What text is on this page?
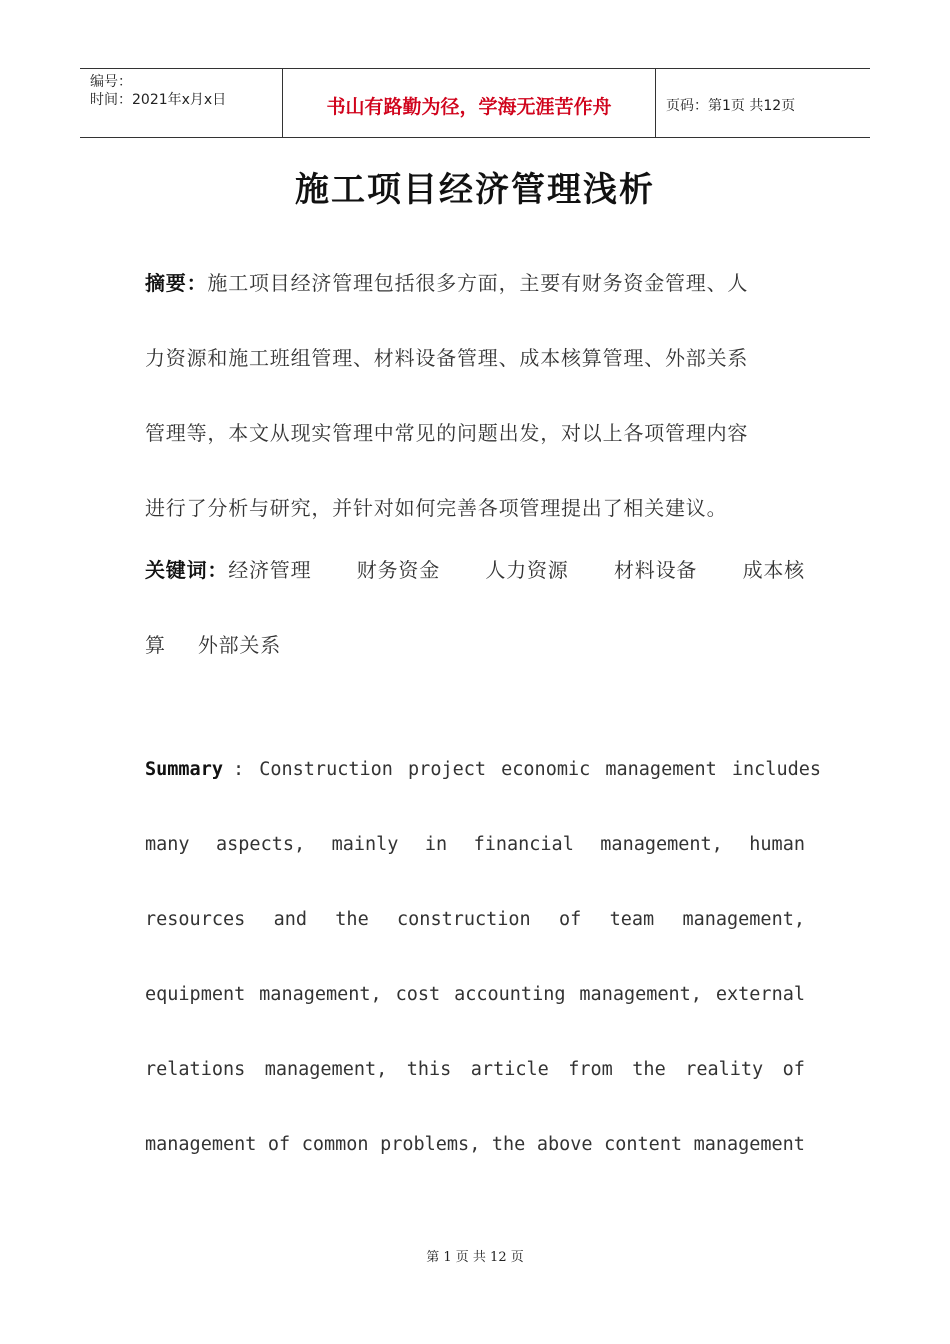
编号：
时间：2021年x月x日	书山有路勤为径，学海无涯苦作舟	页码：第1页 共12页
施工项目经济管理浅析
摘要：施工项目经济管理包括很多方面，主要有财务资金管理、人
力资源和施工班组管理、材料设备管理、成本核算管理、外部关系
管理等，本文从现实管理中常见的问题出发，对以上各项管理内容
进行了分析与研究，并针对如何完善各项管理提出了相关建议。
关键词：经济管理 财务资金 人力资源 材料设备 成本核
算 外部关系
Summary : Construction project economic management includes
many aspects, mainly in financial management, human
resources and the construction of team management,
equipment management, cost accounting management, external
relations management, this article from the reality of
management of common problems, the above content management
第 1 页 共 12 页
